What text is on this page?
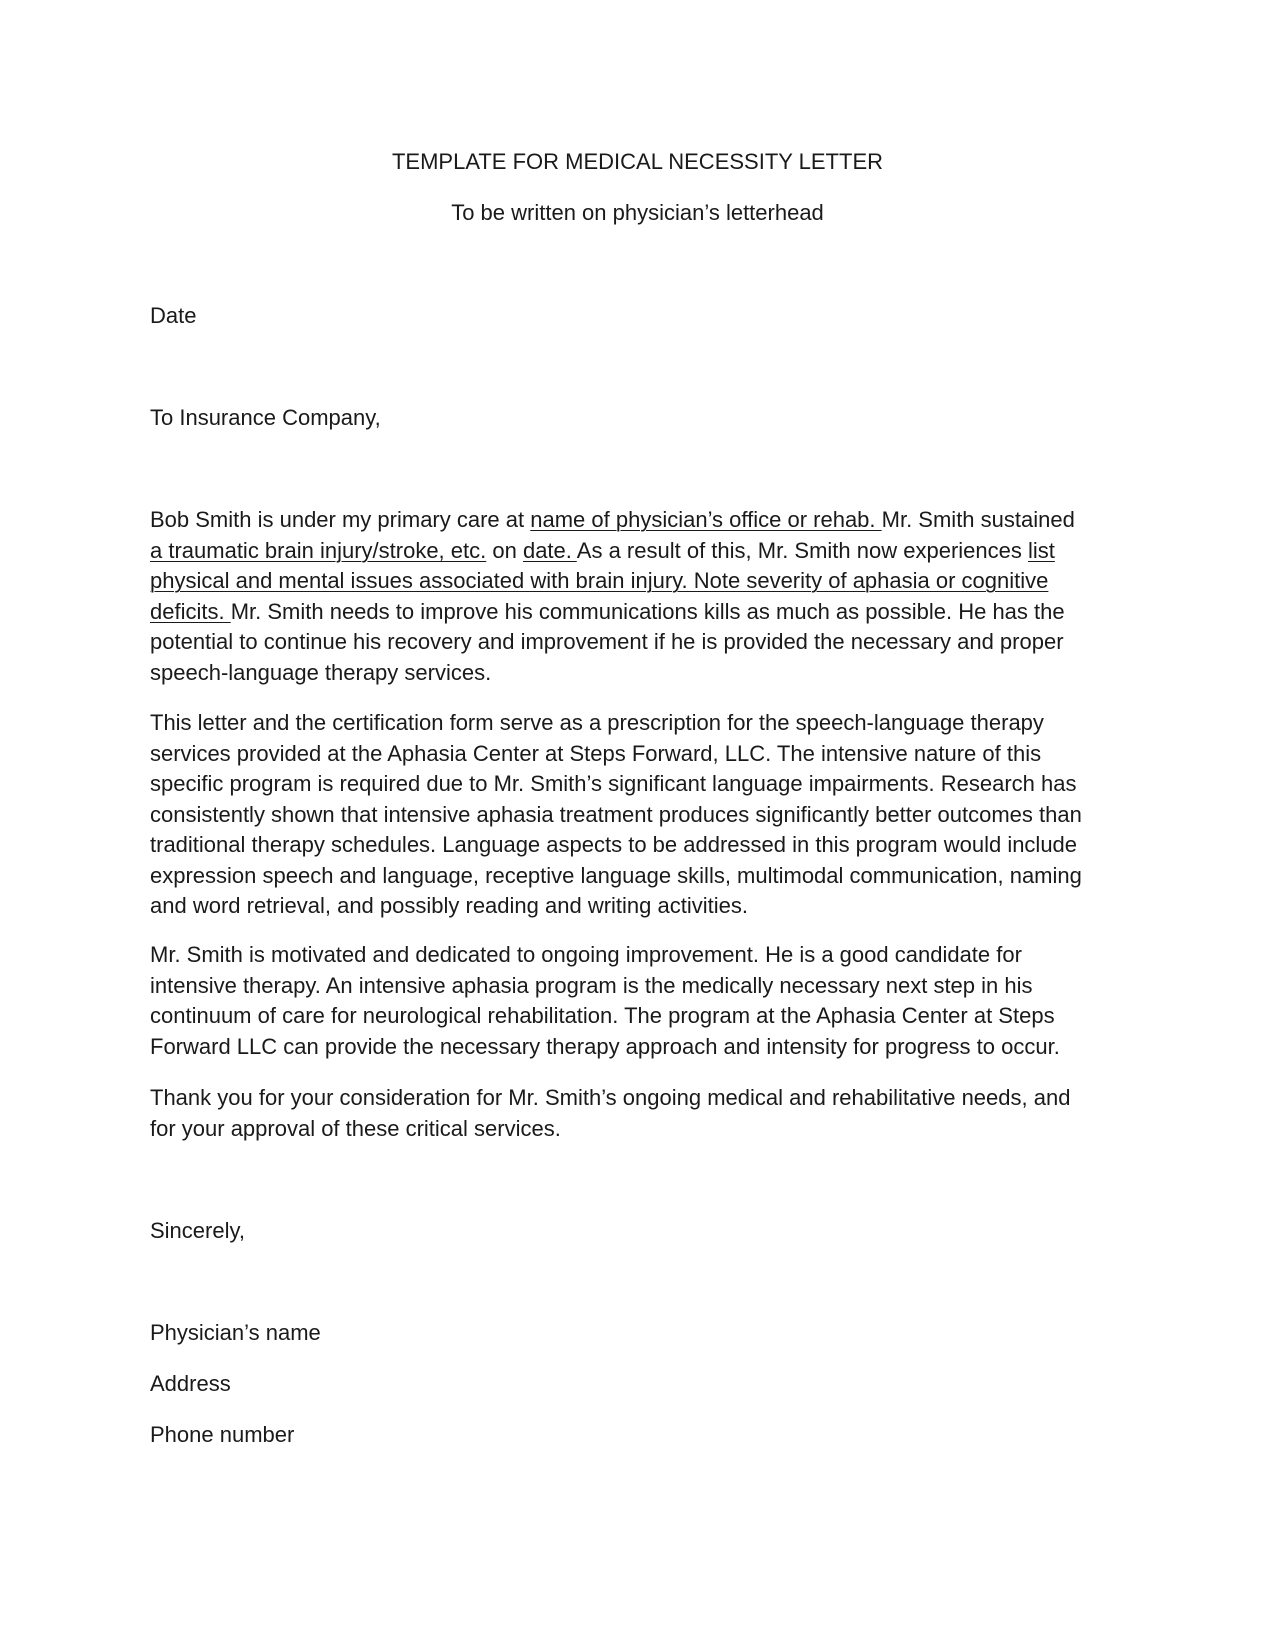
TEMPLATE FOR MEDICAL NECESSITY LETTER
To be written on physician’s letterhead
Date
To Insurance Company,
Bob Smith is under my primary care at name of physician’s office or rehab. Mr. Smith sustained
a traumatic brain injury/stroke, etc. on date. As a result of this, Mr. Smith now experiences list
physical and mental issues associated with brain injury. Note severity of aphasia or cognitive
deficits. Mr. Smith needs to improve his communications kills as much as possible. He has the
potential to continue his recovery and improvement if he is provided the necessary and proper
speech-language therapy services.
This letter and the certification form serve as a prescription for the speech-language therapy
services provided at the Aphasia Center at Steps Forward, LLC. The intensive nature of this
specific program is required due to Mr. Smith’s significant language impairments. Research has
consistently shown that intensive aphasia treatment produces significantly better outcomes than
traditional therapy schedules. Language aspects to be addressed in this program would include
expression speech and language, receptive language skills, multimodal communication, naming
and word retrieval, and possibly reading and writing activities.
Mr. Smith is motivated and dedicated to ongoing improvement. He is a good candidate for
intensive therapy. An intensive aphasia program is the medically necessary next step in his
continuum of care for neurological rehabilitation. The program at the Aphasia Center at Steps
Forward LLC can provide the necessary therapy approach and intensity for progress to occur.
Thank you for your consideration for Mr. Smith’s ongoing medical and rehabilitative needs, and
for your approval of these critical services.
Sincerely,
Physician’s name
Address
Phone number
